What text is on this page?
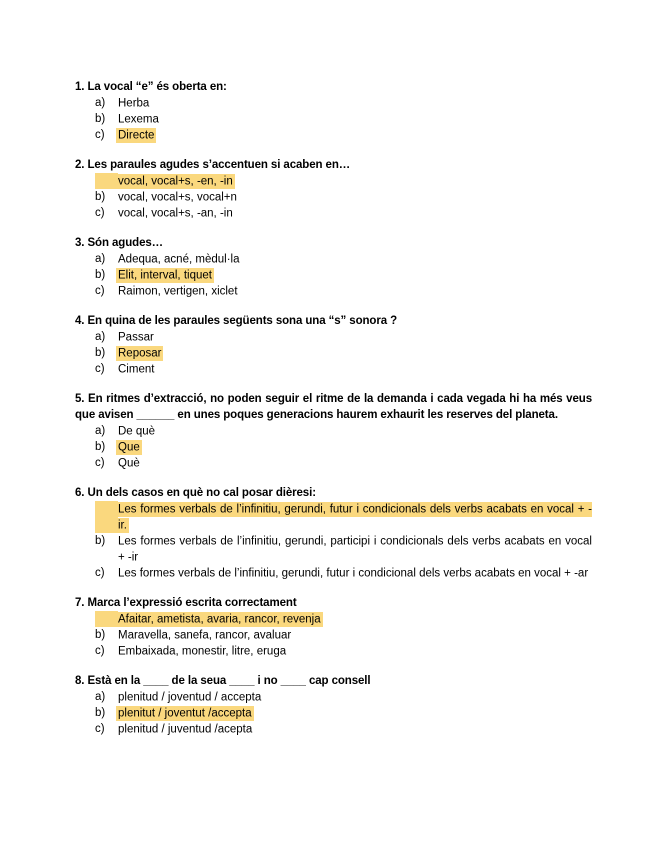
1. La vocal “e” és oberta en:
a)	Herba
b)	Lexema
c)	Directe
2. Les paraules agudes s’accentuen si acaben en…
a)	vocal, vocal+s, -en, -in
b)	vocal, vocal+s, vocal+n
c)	vocal, vocal+s, -an, -in
3. Són agudes…
a)	Adequa, acné, mèdul·la
b)	Elit, interval, tiquet
c)	Raimon, vertigen, xiclet
4. En quina de les paraules següents sona una “s” sonora ?
a)	Passar
b)	Reposar
c)	Ciment
5. En ritmes d’extracció, no poden seguir el ritme de la demanda i cada vegada hi ha més veus que avisen ______ en unes poques generacions haurem exhaurit les reserves del planeta.
a)	De què
b)	Que
c)	Què
6. Un dels casos en què no cal posar dièresi:
a)	Les formes verbals de l’infinitiu, gerundi, futur i condicionals dels verbs acabats en vocal + -ir.
b)	Les formes verbals de l’infinitiu, gerundi, participi i condicionals dels verbs acabats en vocal + -ir
c)	Les formes verbals de l’infinitiu, gerundi, futur i condicional dels verbs acabats en vocal + -ar
7. Marca l’expressió escrita correctament
a)	Afaitar, ametista, avaria, rancor, revenja
b)	Maravella, sanefa, rancor, avaluar
c)	Embaixada, monestir, litre, eruga
8. Està en la ____ de la seua ____ i no ____ cap consell
a)	plenitud / joventud / accepta
b)	plenitut / joventut /accepta
c)	plenitud / juventud /acepta
